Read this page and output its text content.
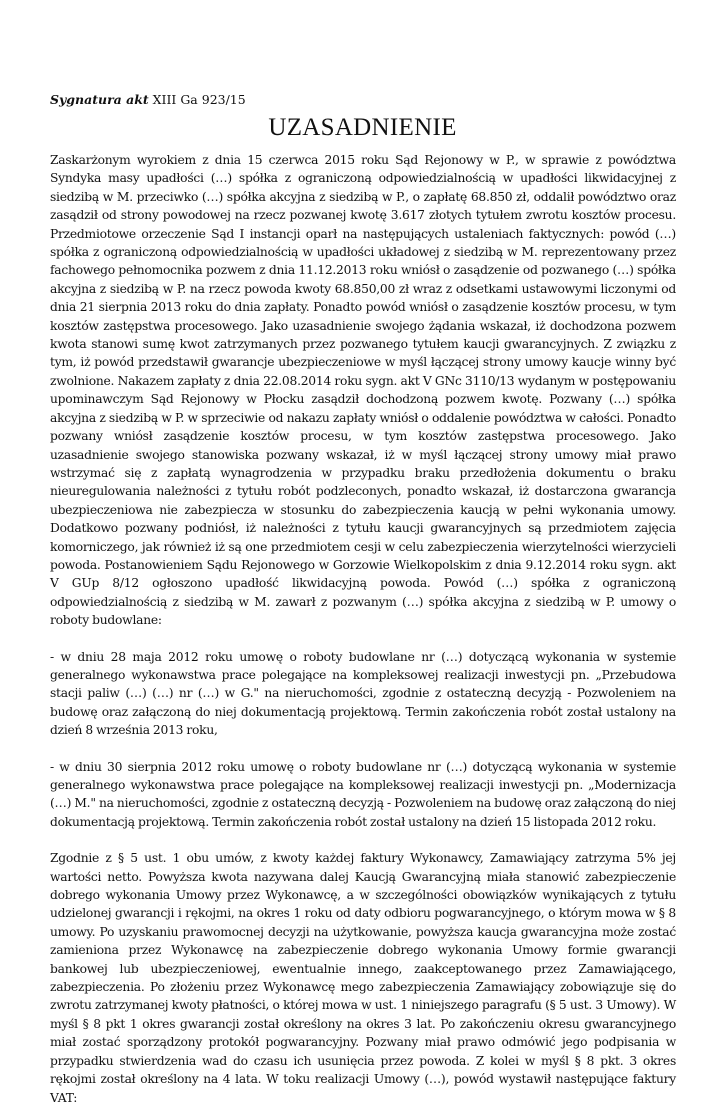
Sygnatura akt XIII Ga 923/15
UZASADNIENIE

Zaskarżonym wyrokiem z dnia 15 czerwca 2015 roku Sąd Rejonowy w P., w sprawie z powództwa Syndyka masy upadłości (…) spółka z ograniczoną odpowiedzialnością w upadłości likwidacyjnej z siedzibą w M. przeciwko (…) spółka akcyjna z siedzibą w P., o zapłatę 68.850 zł, oddalił powództwo oraz zasądził od strony powodowej na rzecz pozwanej kwotę 3.617 złotych tytułem zwrotu kosztów procesu. Przedmiotowe orzeczenie Sąd I instancji oparł na następujących ustaleniach faktycznych: powód (…) spółka z ograniczoną odpowiedzialnością w upadłości układowej z siedzibą w M. reprezentowany przez fachowego pełnomocnika pozwem z dnia 11.12.2013 roku wniósł o zasądzenie od pozwanego (…) spółka akcyjna z siedzibą w P. na rzecz powoda kwoty 68.850,00 zł wraz z odsetkami ustawowymi liczonymi od dnia 21 sierpnia 2013 roku do dnia zapłaty. Ponadto powód wniósł o zasądzenie kosztów procesu, w tym kosztów zastępstwa procesowego. Jako uzasadnienie swojego żądania wskazał, iż dochodzona pozwem kwota stanowi sumę kwot zatrzymanych przez pozwanego tytułem kaucji gwarancyjnych. Z związku z tym, iż powód przedstawił gwarancje ubezpieczeniowe w myśl łączącej strony umowy kaucje winny być zwolnione. Nakazem zapłaty z dnia 22.08.2014 roku sygn. akt V GNc 3110/13 wydanym w postępowaniu upominawczym Sąd Rejonowy w Płocku zasądził dochodzoną pozwem kwotę. Pozwany (…) spółka akcyjna z siedzibą w P. w sprzeciwie od nakazu zapłaty wniósł o oddalenie powództwa w całości. Ponadto pozwany wniósł zasądzenie kosztów procesu, w tym kosztów zastępstwa procesowego. Jako uzasadnienie swojego stanowiska pozwany wskazał, iż w myśl łączącej strony umowy miał prawo wstrzymać się z zapłatą wynagrodzenia w przypadku braku przedłożenia dokumentu o braku nieuregulowania należności z tytułu robót podzleconych, ponadto wskazał, iż dostarczona gwarancja ubezpieczeniowa nie zabezpiecza w stosunku do zabezpieczenia kaucją w pełni wykonania umowy. Dodatkowo pozwany podniósł, iż należności z tytułu kaucji gwarancyjnych są przedmiotem zajęcia komorniczego, jak również iż są one przedmiotem cesji w celu zabezpieczenia wierzytelności wierzycieli powoda. Postanowieniem Sądu Rejonowego w Gorzowie Wielkopolskim z dnia 9.12.2014 roku sygn. akt V GUp 8/12 ogłoszono upadłość likwidacyjną powoda. Powód (…) spółka z ograniczoną odpowiedzialnością z siedzibą w M. zawarł z pozwanym (…) spółka akcyjna z siedzibą w P. umowy o roboty budowlane:

- w dniu 28 maja 2012 roku umowę o roboty budowlane nr (…) dotyczącą wykonania w systemie generalnego wykonawstwa prace polegające na kompleksowej realizacji inwestycji pn. „Przebudowa stacji paliw (…) (…) nr (…) w G." na nieruchomości, zgodnie z ostateczną decyzją - Pozwoleniem na budowę oraz załączoną do niej dokumentacją projektową. Termin zakończenia robót został ustalony na dzień 8 września 2013 roku,

- w dniu 30 sierpnia 2012 roku umowę o roboty budowlane nr (…) dotyczącą wykonania w systemie generalnego wykonawstwa prace polegające na kompleksowej realizacji inwestycji pn. „Modernizacja (…) M." na nieruchomości, zgodnie z ostateczną decyzją - Pozwoleniem na budowę oraz załączoną do niej dokumentacją projektową. Termin zakończenia robót został ustalony na dzień 15 listopada 2012 roku.

Zgodnie z § 5 ust. 1 obu umów, z kwoty każdej faktury Wykonawcy, Zamawiający zatrzyma 5% jej wartości netto. Powyższa kwota nazywana dalej Kaucją Gwarancyjną miała stanowić zabezpieczenie dobrego wykonania Umowy przez Wykonawcę, a w szczególności obowiązków wynikających z tytułu udzielonej gwarancji i rękojmi, na okres 1 roku od daty odbioru pogwarancyjnego, o którym mowa w § 8 umowy. Po uzyskaniu prawomocnej decyzji na użytkowanie, powyższa kaucja gwarancyjna może zostać zamieniona przez Wykonawcę na zabezpieczenie dobrego wykonania Umowy formie gwarancji bankowej lub ubezpieczeniowej, ewentualnie innego, zaakceptowanego przez Zamawiającego, zabezpieczenia. Po złożeniu przez Wykonawcę mego zabezpieczenia Zamawiający zobowiązuje się do zwrotu zatrzymanej kwoty płatności, o której mowa w ust. 1 niniejszego paragrafu (§ 5 ust. 3 Umowy). W myśl § 8 pkt 1 okres gwarancji został określony na okres 3 lat. Po zakończeniu okresu gwarancyjnego miał zostać sporządzony protokół pogwarancyjny. Pozwany miał prawo odmówić jego podpisania w przypadku stwierdzenia wad do czasu ich usunięcia przez powoda. Z kolei w myśl § 8 pkt. 3 okres rękojmi został określony na 4 lata. W toku realizacji Umowy (…), powód wystawił następujące faktury VAT:
